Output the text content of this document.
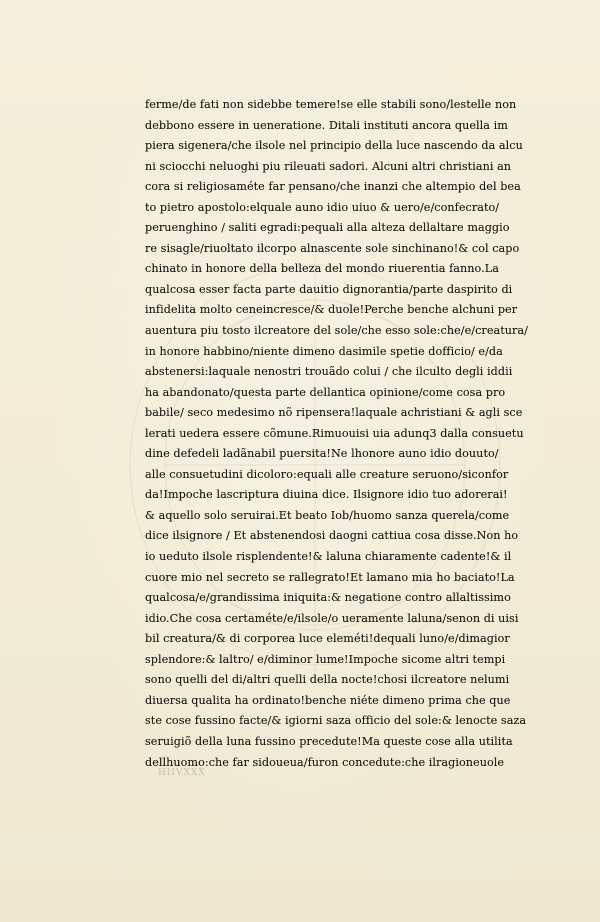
ferme/de fati non sidebbe temere!se elle stabili sono/lestelle non
debbono essere in ueneratione. Ditali instituti ancora quella im
piera sigenera/che ilsole nel principio della luce nascendo da alcu
ni sciocchi neluoghi piu rileuati sadori. Alcuni altri christiani an
cora si religiosaméte far pensano/che inanzi che altempio del bea
to pietro apostolo:elquale auno idio uiuo & uero/e/confecrato/
peruenghino / saliti egradi:pequali alla alteza dellaltare maggio
re sisagle/riuoltato ilcorpo alnascente sole sinchinano!& col capo
chinato in honore della belleza del mondo riuerentia fanno.La
qualcosa esser facta parte dauitio dignorantia/parte daspirito di
infidelita molto ceneincresce/& duole!Perche benche alchuni per
auentura piu tosto ilcreatore del sole/che esso sole:che/e/creatura/
in honore habbino/niente dimeno dasimile spetie dofficio/ e/da
abstenersi:laquale nenostri trouãdo colui / che ilculto degli iddii
ha abandonato/questa parte dellantica opinione/come cosa pro
babile/ seco medesimo nõ ripensera!laquale achristiani & agli sce
lerati uedera essere cõmune.Rimuouisi uia adunq3 dalla consuetu
dine defedeli ladãnabil puersita!Ne lhonore auno idio douuto/
alle consuetudini dicoloro:equali alle creature seruono/siconfor
da!Impoche lascriptura diuina dice. Ilsignore idio tuo adorerai!
& aquello solo seruirai.Et beato Iob/huomo sanza querela/come
dice ilsignore / Et abstenendosi daogni cattiua cosa disse.Non ho
io ueduto ilsole risplendente!& laluna chiaramente cadente!& il
cuore mio nel secreto se rallegrato!Et lamano mia ho baciato!La
qualcosa/e/grandissima iniquita:& negatione contro allaltissimo
idio.Che cosa certaméte/e/ilsole/o ueramente laluna/senon di uisi
bil creatura/& di corporea luce eleméti!dequali luno/e/dimagior
splendore:& laltro/ e/diminor lume!Impoche sicome altri tempi
sono quelli del di/altri quelli della nocte!chosi ilcreatore nelumi
diuersa qualita ha ordinato!benche niéte dimeno prima che que
ste cose fussino facte/& igiorni saza officio del sole:& lenocte saza
seruigiõ della luna fussino precedute!Ma queste cose alla utilita
dellhuomo:che far sidoueua/furon concedute:che ilragioneuole
HIIVXXX
